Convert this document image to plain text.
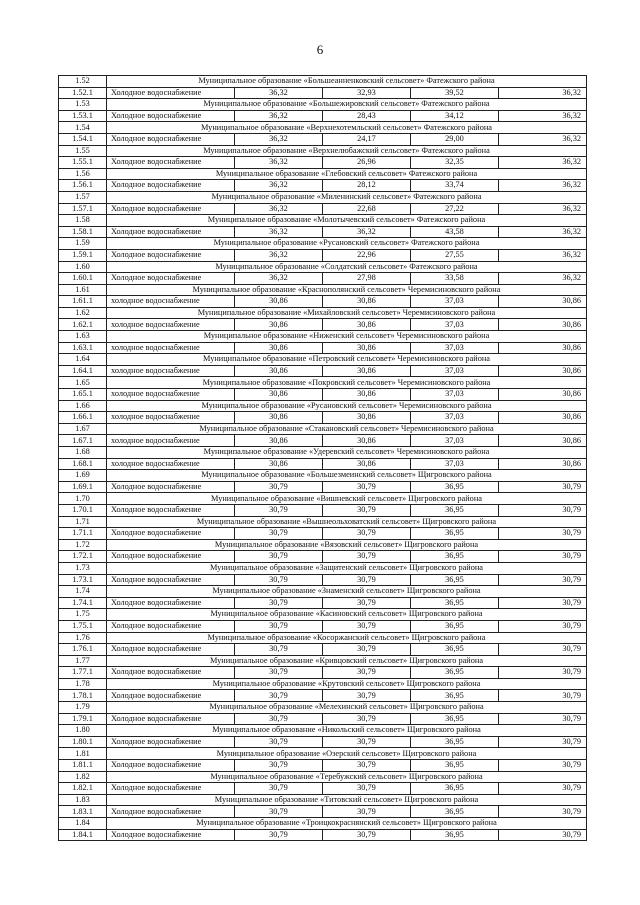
6
1.52	Муниципальное образование «Большеанненковский сельсовет» Фатежского района				
1.52.1	Холодное водоснабжение	36,32	32,93	39,52	36,32
1.53	Муниципальное образование «Большежировский сельсовет» Фатежского района				
1.53.1	Холодное водоснабжение	36,32	28,43	34,12	36,32
1.54	Муниципальное образование «Верхнехотемльский сельсовет» Фатежского района				
1.54.1	Холодное водоснабжение	36,32	24,17	29,00	36,32
1.55	Муниципальное образование «Верхнелюбажский сельсовет» Фатежского района				
1.55.1	Холодное водоснабжение	36,32	26,96	32,35	36,32
1.56	Муниципальное образование «Глебовский сельсовет» Фатежского района				
1.56.1	Холодное водоснабжение	36,32	28,12	33,74	36,32
1.57	Муниципальное образование «Миленинский сельсовет» Фатежского района				
1.57.1	Холодное водоснабжение	36,32	22,68	27,22	36,32
1.58	Муниципальное образование «Молотычевский сельсовет» Фатежского района				
1.58.1	Холодное водоснабжение	36,32	36,32	43,58	36,32
1.59	Муниципальное образование «Русановский сельсовет» Фатежского района				
1.59.1	Холодное водоснабжение	36,32	22,96	27,55	36,32
1.60	Муниципальное образование «Солдатский сельсовет» Фатежского района				
1.60.1	Холодное водоснабжение	36,32	27,98	33,58	36,32
1.61	Муниципальное образование «Краснополянский сельсовет» Черемисиновского района				
1.61.1	холодное водоснабжение	30,86	30,86	37,03	30,86
1.62	Муниципальное образование «Михайловский сельсовет» Черемисиновского района				
1.62.1	холодное водоснабжение	30,86	30,86	37,03	30,86
1.63	Муниципальное образование «Ниженский сельсовет» Черемисиновского района				
1.63.1	холодное водоснабжение	30,86	30,86	37,03	30,86
1.64	Муниципальное образование «Петровский сельсовет» Черемисиновского района				
1.64.1	холодное водоснабжение	30,86	30,86	37,03	30,86
1.65	Муниципальное образование «Покровский сельсовет» Черемисиновского района				
1.65.1	холодное водоснабжение	30,86	30,86	37,03	30,86
1.66	Муниципальное образование «Русановский сельсовет» Черемисиновского района				
1.66.1	холодное водоснабжение	30,86	30,86	37,03	30,86
1.67	Муниципальное образование «Стакановский сельсовет» Черемисиновского района				
1.67.1	холодное водоснабжение	30,86	30,86	37,03	30,86
1.68	Муниципальное образование «Удеревский сельсовет» Черемисиновского района				
1.68.1	холодное водоснабжение	30,86	30,86	37,03	30,86
1.69	Муниципальное образование «Большезмеинский сельсовет» Щигровского района				
1.69.1	Холодное водоснабжение	30,79	30,79	36,95	30,79
1.70	Муниципальное образование «Вишневский сельсовет» Щигровского района				
1.70.1	Холодное водоснабжение	30,79	30,79	36,95	30,79
1.71	Муниципальное образование «Вышнеольховатский сельсовет» Щигровского района				
1.71.1	Холодное водоснабжение	30,79	30,79	36,95	30,79
1.72	Муниципальное образование «Вязовский сельсовет» Щигровского района				
1.72.1	Холодное водоснабжение	30,79	30,79	36,95	30,79
1.73	Муниципальное образование «Защитенский сельсовет» Щигровского района				
1.73.1	Холодное водоснабжение	30,79	30,79	36,95	30,79
1.74	Муниципальное образование «Знаменский сельсовет» Щигровского района				
1.74.1	Холодное водоснабжение	30,79	30,79	36,95	30,79
1.75	Муниципальное образование «Касиновский сельсовет» Щигровского района				
1.75.1	Холодное водоснабжение	30,79	30,79	36,95	30,79
1.76	Муниципальное образование «Косоржанский сельсовет» Щигровского района				
1.76.1	Холодное водоснабжение	30,79	30,79	36,95	30,79
1.77	Муниципальное образование «Кривцовский сельсовет» Щигровского района				
1.77.1	Холодное водоснабжение	30,79	30,79	36,95	30,79
1.78	Муниципальное образование «Крутовский сельсовет» Щигровского района				
1.78.1	Холодное водоснабжение	30,79	30,79	36,95	30,79
1.79	Муниципальное образование «Мелехинский сельсовет» Щигровского района				
1.79.1	Холодное водоснабжение	30,79	30,79	36,95	30,79
1.80	Муниципальное образование «Никольский сельсовет» Щигровского района				
1.80.1	Холодное водоснабжение	30,79	30,79	36,95	30,79
1.81	Муниципальное образование «Озерский сельсовет» Щигровского района				
1.81.1	Холодное водоснабжение	30,79	30,79	36,95	30,79
1.82	Муниципальное образование «Теребужский сельсовет» Щигровского района				
1.82.1	Холодное водоснабжение	30,79	30,79	36,95	30,79
1.83	Муниципальное образование «Титовский сельсовет» Щигровского района				
1.83.1	Холодное водоснабжение	30,79	30,79	36,95	30,79
1.84	Муниципальное образование «Троицкокраснянский сельсовет» Щигровского района				
1.84.1	Холодное водоснабжение	30,79	30,79	36,95	30,79
